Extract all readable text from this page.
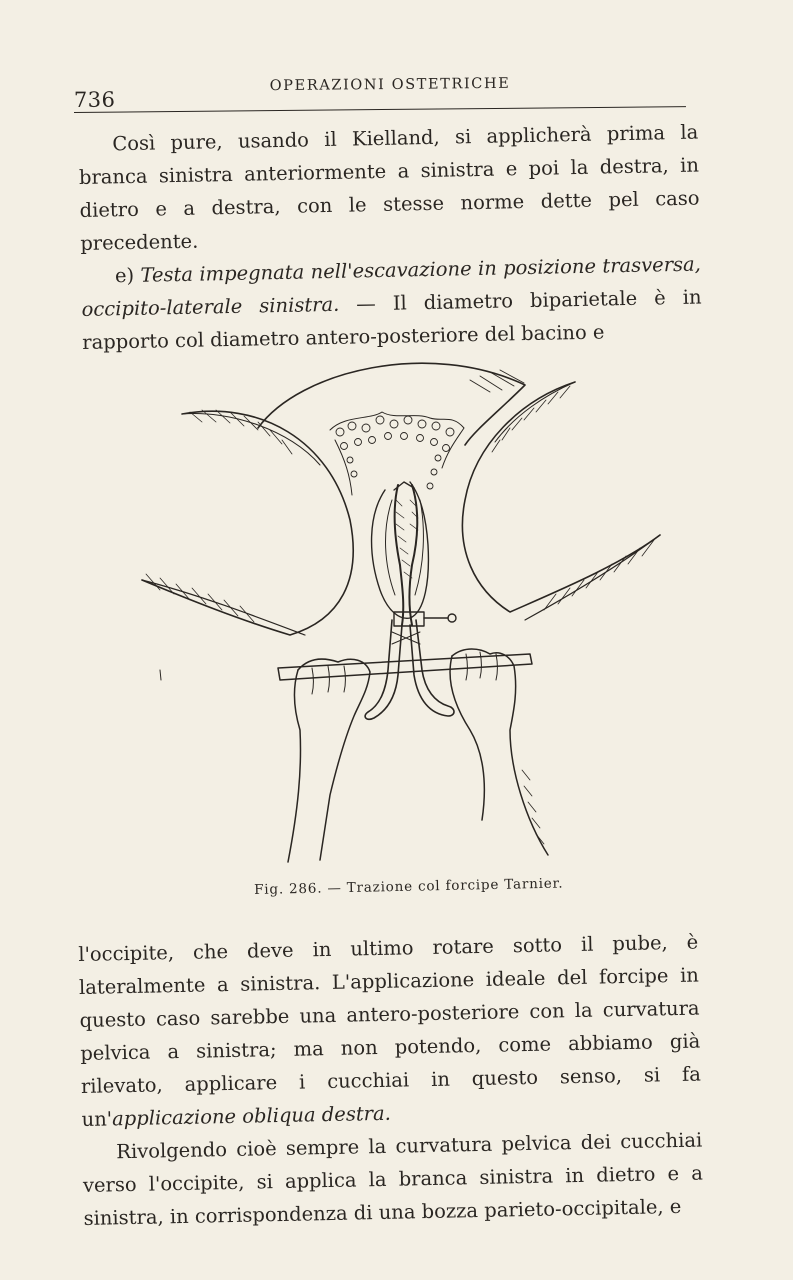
736
OPERAZIONI OSTETRICHE

Così pure, usando il Kielland, si applicherà prima la branca sinistra anteriormente a sinistra e poi la destra, in dietro e a destra, con le stesse norme dette pel caso precedente.

e) Testa impegnata nell'escavazione in posizione trasversa, occipito-laterale sinistra. — Il diametro biparietale è in rapporto col diametro antero-posteriore del bacino e

Fig. 286. — Trazione col forcipe Tarnier.

l'occipite, che deve in ultimo rotare sotto il pube, è lateralmente a sinistra. L'applicazione ideale del forcipe in questo caso sarebbe una antero-posteriore con la curvatura pelvica a sinistra; ma non potendo, come abbiamo già rilevato, applicare i cucchiai in questo senso, si fa un'applicazione obliqua destra.

Rivolgendo cioè sempre la curvatura pelvica dei cucchiai verso l'occipite, si applica la branca sinistra in dietro e a sinistra, in corrispondenza di una bozza parieto-occipitale, e
